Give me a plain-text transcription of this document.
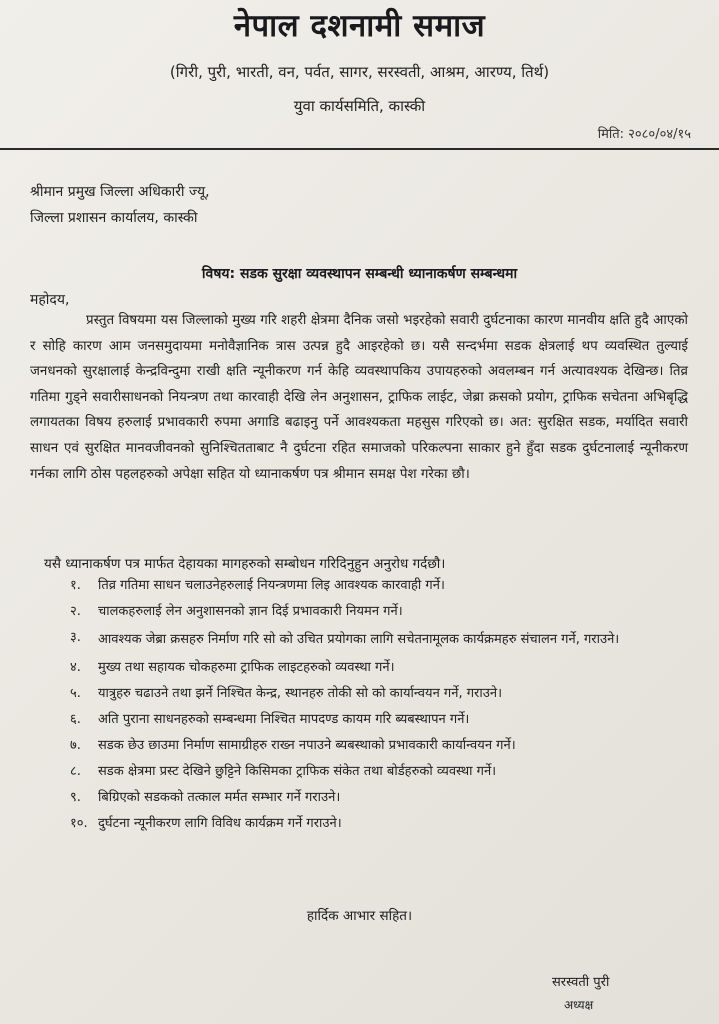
नेपाल दशनामी समाज
(गिरी, पुरी, भारती, वन, पर्वत, सागर, सरस्वती, आश्रम, आरण्य, तिर्थ)
युवा कार्यसमिति, कास्की
मिति: २०८०/०४/१५
श्रीमान प्रमुख जिल्ला अधिकारी ज्यू,
जिल्ला प्रशासन कार्यालय, कास्की
विषय: सडक सुरक्षा व्यवस्थापन सम्बन्धी ध्यानाकर्षण सम्बन्धमा
महोदय,
प्रस्तुत विषयमा यस जिल्लाको मुख्य गरि शहरी क्षेत्रमा दैनिक जसो भइरहेको सवारी दुर्घटनाका कारण मानवीय क्षति हुदै आएको र सोहि कारण आम जनसमुदायमा मनोवैज्ञानिक त्रास उत्पन्न हुदै आइरहेको छ। यसै सन्दर्भमा सडक क्षेत्रलाई थप व्यवस्थित तुल्याई जनधनको सुरक्षालाई केन्द्रविन्दुमा राखी क्षति न्यूनीकरण गर्न केहि व्यवस्थापकिय उपायहरुको अवलम्बन गर्न अत्यावश्यक देखिन्छ। तिव्र गतिमा गुड्ने सवारीसाधनको नियन्त्रण तथा कारवाही देखि लेन अनुशासन, ट्राफिक लाईट, जेब्रा क्रसको प्रयोग, ट्राफिक सचेतना अभिबृद्धि लगायतका विषय हरुलाई प्रभावकारी रुपमा अगाडि बढाइनु पर्ने आवश्यकता महसुस गरिएको छ। अत: सुरक्षित सडक, मर्यादित सवारी साधन एवं सुरक्षित मानवजीवनको सुनिश्चितताबाट नै दुर्घटना रहित समाजको परिकल्पना साकार हुने हुँदा सडक दुर्घटनालाई न्यूनीकरण गर्नका लागि ठोस पहलहरुको अपेक्षा सहित यो ध्यानाकर्षण पत्र श्रीमान समक्ष पेश गरेका छौ।
यसै ध्यानाकर्षण पत्र मार्फत देहायका मागहरुको सम्बोधन गरिदिनुहुन अनुरोध गर्दछौ।
१.	तिव्र गतिमा साधन चलाउनेहरुलाई नियन्त्रणमा लिइ आवश्यक कारवाही गर्ने।
२.	चालकहरुलाई लेन अनुशासनको ज्ञान दिई प्रभावकारी नियमन गर्ने।
३.	आवश्यक जेब्रा क्रसहरु निर्माण गरि सो को उचित प्रयोगका लागि सचेतनामूलक कार्यक्रमहरु संचालन गर्ने, गराउने।
४.	मुख्य तथा सहायक चोकहरुमा ट्राफिक लाइटहरुको व्यवस्था गर्ने।
५.	यात्रुहरु चढाउने तथा झर्ने निश्चित केन्द्र, स्थानहरु तोकी सो को कार्यान्वयन गर्ने, गराउने।
६.	अति पुराना साधनहरुको सम्बन्धमा निश्चित मापदण्ड कायम गरि ब्यबस्थापन गर्ने।
७.	सडक छेउ छाउमा निर्माण सामाग्रीहरु राख्न नपाउने ब्यबस्थाको प्रभावकारी कार्यान्वयन गर्ने।
८.	सडक क्षेत्रमा प्रस्ट देखिने छुट्टिने किसिमका ट्राफिक संकेत तथा बोर्डहरुको व्यवस्था गर्ने।
९.	बिग्रिएको सडकको तत्काल मर्मत सम्भार गर्ने गराउने।
१०. दुर्घटना न्यूनीकरण लागि विविध कार्यक्रम गर्ने गराउने।
हार्दिक आभार सहित।
सरस्वती पुरी
अध्यक्ष
